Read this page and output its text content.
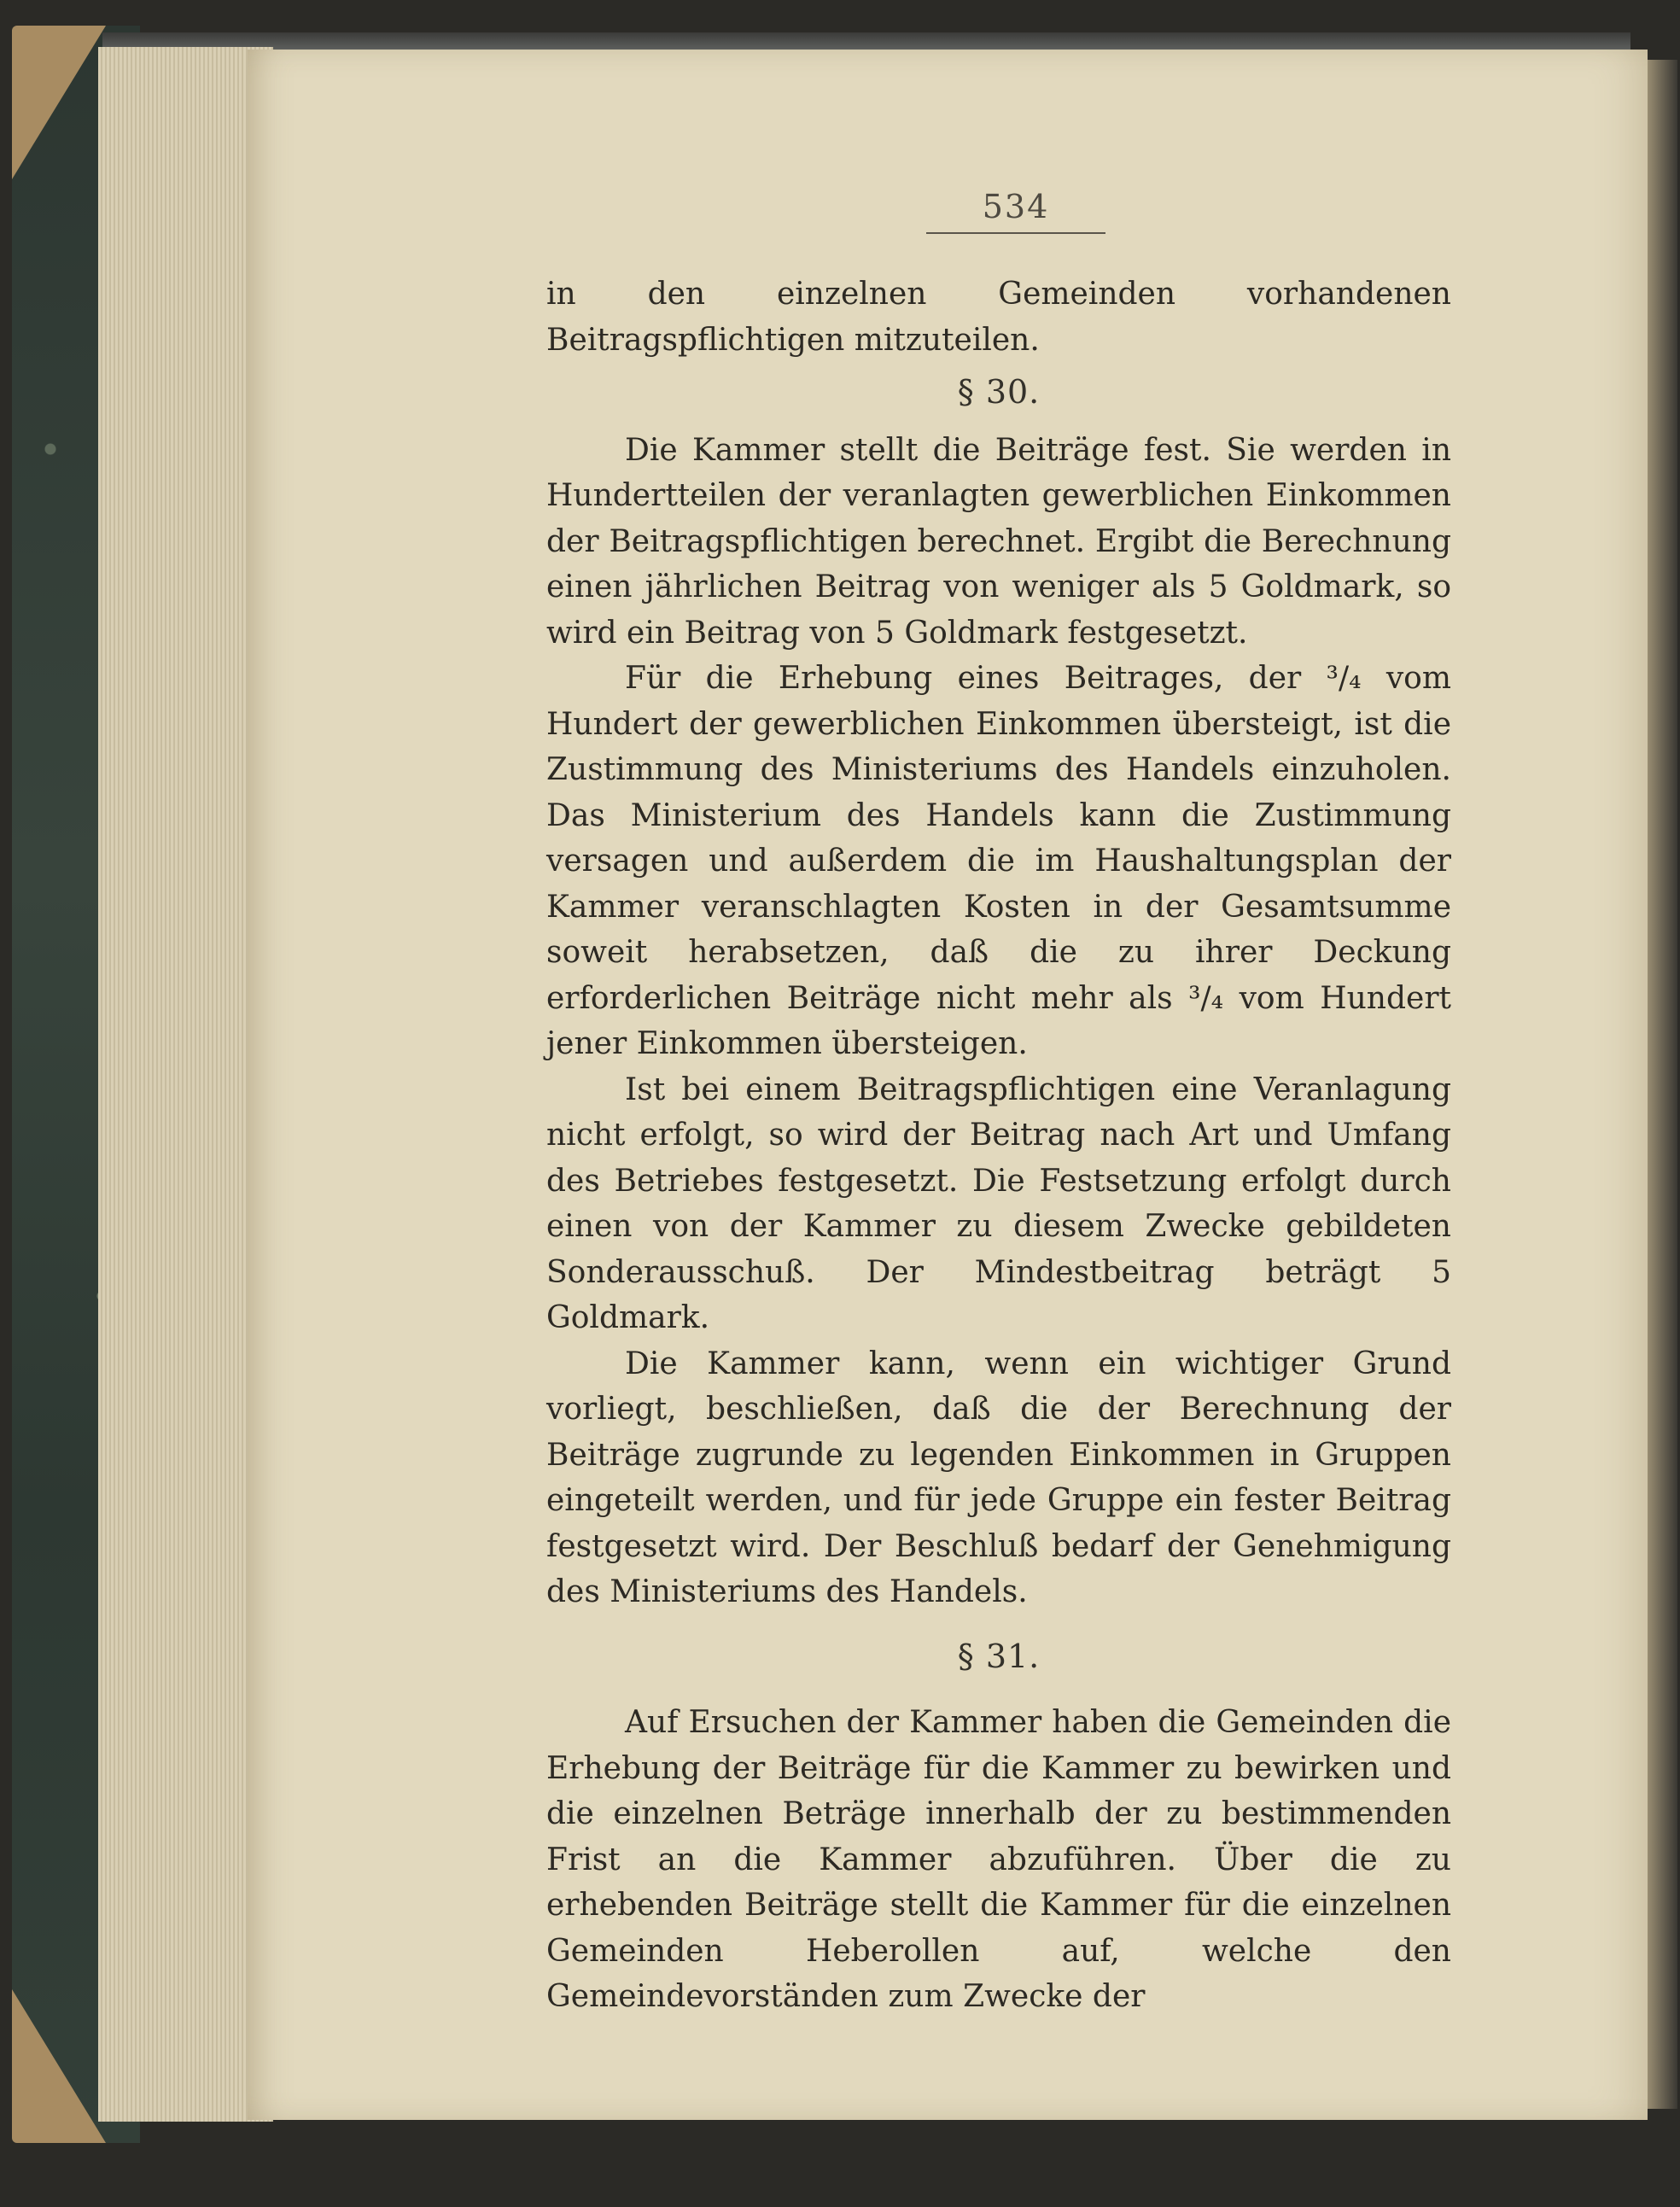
534

in den einzelnen Gemeinden vorhandenen Beitragspflichtigen mitzuteilen.

§ 30.

Die Kammer stellt die Beiträge fest. Sie werden in Hundertteilen der veranlagten gewerblichen Einkommen der Beitragspflichtigen berechnet. Ergibt die Berechnung einen jährlichen Beitrag von weniger als 5 Goldmark, so wird ein Beitrag von 5 Goldmark festgesetzt.

Für die Erhebung eines Beitrages, der ³/₄ vom Hundert der gewerblichen Einkommen übersteigt, ist die Zustimmung des Ministeriums des Handels einzuholen. Das Ministerium des Handels kann die Zustimmung versagen und außerdem die im Haushaltungsplan der Kammer veranschlagten Kosten in der Gesamtsumme soweit herabsetzen, daß die zu ihrer Deckung erforderlichen Beiträge nicht mehr als ³/₄ vom Hundert jener Einkommen übersteigen.

Ist bei einem Beitragspflichtigen eine Veranlagung nicht erfolgt, so wird der Beitrag nach Art und Umfang des Betriebes festgesetzt. Die Festsetzung erfolgt durch einen von der Kammer zu diesem Zwecke gebildeten Sonderausschuß. Der Mindestbeitrag beträgt 5 Goldmark.

Die Kammer kann, wenn ein wichtiger Grund vorliegt, beschließen, daß die der Berechnung der Beiträge zugrunde zu legenden Einkommen in Gruppen eingeteilt werden, und für jede Gruppe ein fester Beitrag festgesetzt wird. Der Beschluß bedarf der Genehmigung des Ministeriums des Handels.

§ 31.

Auf Ersuchen der Kammer haben die Gemeinden die Erhebung der Beiträge für die Kammer zu bewirken und die einzelnen Beträge innerhalb der zu bestimmenden Frist an die Kammer abzuführen. Über die zu erhebenden Beiträge stellt die Kammer für die einzelnen Gemeinden Heberollen auf, welche den Gemeindevorständen zum Zwecke der
